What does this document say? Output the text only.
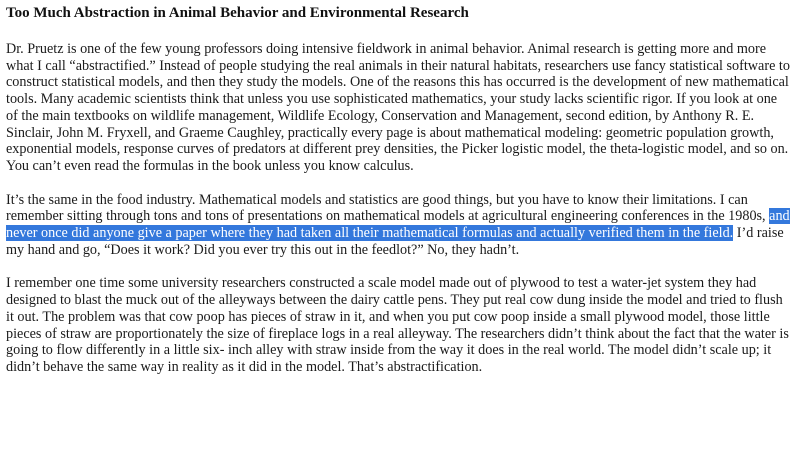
Too Much Abstraction in Animal Behavior and Environmental Research

Dr. Pruetz is one of the few young professors doing intensive fieldwork in animal behavior. Animal research is getting more and more what I call “abstractified.” Instead of people studying the real animals in their natural habitats, researchers use fancy statistical software to construct statistical models, and then they study the models. One of the reasons this has occurred is the development of new mathematical tools. Many academic scientists think that unless you use sophisticated mathematics, your study lacks scientific rigor. If you look at one of the main textbooks on wildlife management, Wildlife Ecology, Conservation and Management, second edition, by Anthony R. E. Sinclair, John M. Fryxell, and Graeme Caughley, practically every page is about mathematical modeling: geometric population growth, exponential models, response curves of predators at different prey densities, the Picker logistic model, the theta-logistic model, and so on. You can’t even read the formulas in the book unless you know calculus.

It’s the same in the food industry. Mathematical models and statistics are good things, but you have to know their limitations. I can remember sitting through tons and tons of presentations on mathematical models at agricultural engineering conferences in the 1980s, and never once did anyone give a paper where they had taken all their mathematical formulas and actually verified them in the field. I’d raise my hand and go, “Does it work? Did you ever try this out in the feedlot?” No, they hadn’t.

I remember one time some university researchers constructed a scale model made out of plywood to test a water-jet system they had designed to blast the muck out of the alleyways between the dairy cattle pens. They put real cow dung inside the model and tried to flush it out. The problem was that cow poop has pieces of straw in it, and when you put cow poop inside a small plywood model, those little pieces of straw are proportionately the size of fireplace logs in a real alleyway. The researchers didn’t think about the fact that the water is going to flow differently in a little six- inch alley with straw inside from the way it does in the real world. The model didn’t scale up; it didn’t behave the same way in reality as it did in the model. That’s abstractification.
